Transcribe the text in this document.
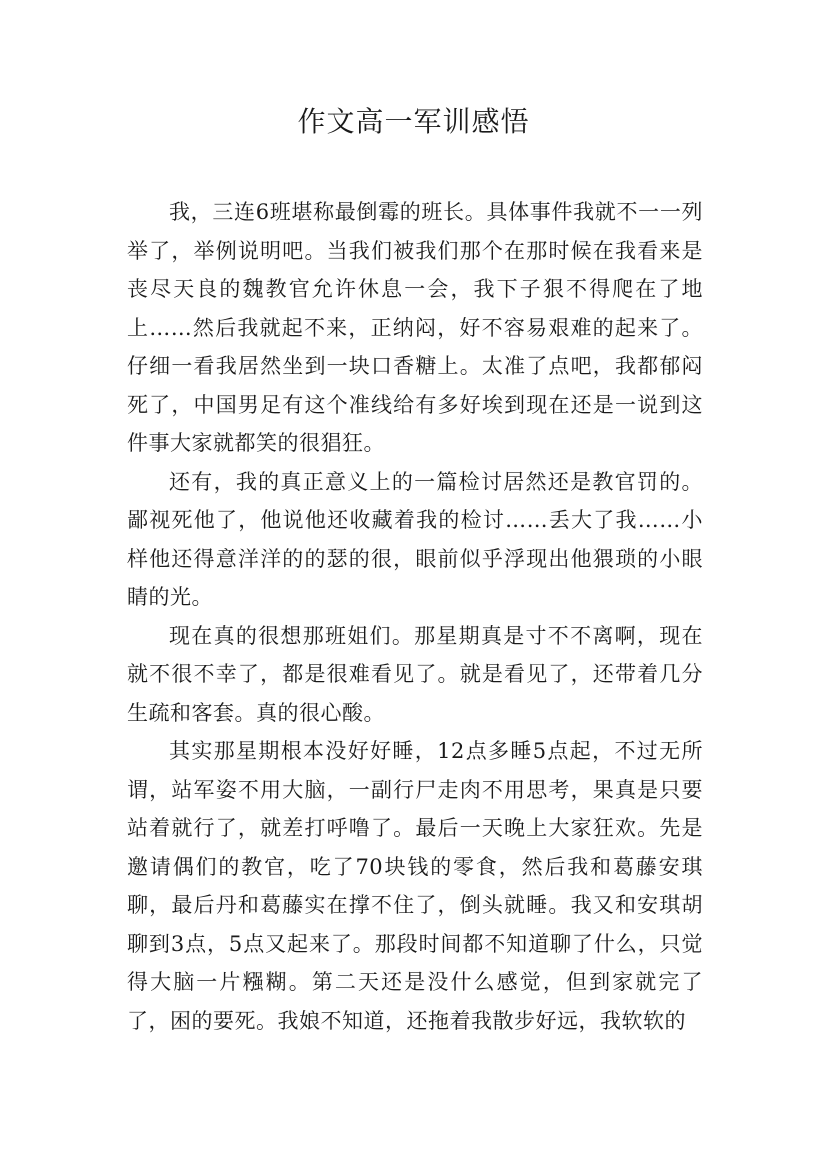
作文高一军训感悟

我，三连6班堪称最倒霉的班长。具体事件我就不一一列举了，举例说明吧。当我们被我们那个在那时候在我看来是丧尽天良的魏教官允许休息一会，我下子狠不得爬在了地上……然后我就起不来，正纳闷，好不容易艰难的起来了。仔细一看我居然坐到一块口香糖上。太准了点吧，我都郁闷死了，中国男足有这个准线给有多好埃到现在还是一说到这件事大家就都笑的很猖狂。

还有，我的真正意义上的一篇检讨居然还是教官罚的。鄙视死他了，他说他还收藏着我的检讨……丢大了我……小样他还得意洋洋的的瑟的很，眼前似乎浮现出他猥琐的小眼睛的光。

现在真的很想那班姐们。那星期真是寸不不离啊，现在就不很不幸了，都是很难看见了。就是看见了，还带着几分生疏和客套。真的很心酸。

其实那星期根本没好好睡，12点多睡5点起，不过无所谓，站军姿不用大脑，一副行尸走肉不用思考，果真是只要站着就行了，就差打呼噜了。最后一天晚上大家狂欢。先是邀请偶们的教官，吃了70块钱的零食，然后我和葛藤安琪聊，最后丹和葛藤实在撑不住了，倒头就睡。我又和安琪胡聊到3点，5点又起来了。那段时间都不知道聊了什么，只觉得大脑一片糨糊。第二天还是没什么感觉，但到家就完了了，困的要死。我娘不知道，还拖着我散步好远，我软软的
